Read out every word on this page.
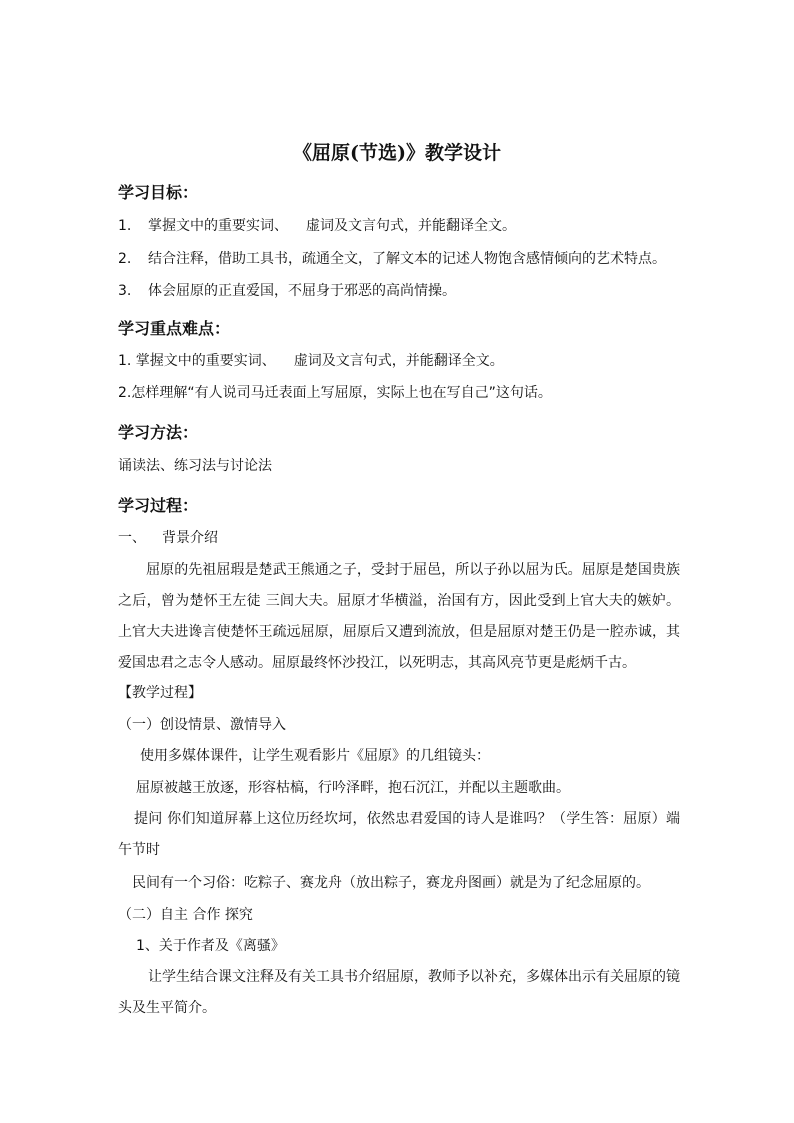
《屈原(节选)》教学设计
学习目标：
1. 掌握文中的重要实词、 虚词及文言句式，并能翻译全文。
2. 结合注释，借助工具书，疏通全文，了解文本的记述人物饱含感情倾向的艺术特点。
3. 体会屈原的正直爱国，不屈身于邪恶的高尚情操。
学习重点难点：
1. 掌握文中的重要实词、 虚词及文言句式，并能翻译全文。
2.怎样理解“有人说司马迁表面上写屈原，实际上也在写自己”这句话。
学习方法：
诵读法、练习法与讨论法
学习过程：
一、 背景介绍
　　屈原的先祖屈瑕是楚武王熊通之子，受封于屈邑，所以子孙以屈为氏。屈原是楚国贵族之后，曾为楚怀王左徒 三闾大夫。屈原才华横溢，治国有方，因此受到上官大夫的嫉妒。上官大夫进谗言使楚怀王疏远屈原，屈原后又遭到流放，但是屈原对楚王仍是一腔赤诚，其爱国忠君之志令人感动。屈原最终怀沙投江，以死明志，其高风亮节更是彪炳千古。
【教学过程】
（一）创设情景、激情导入
使用多媒体课件，让学生观看影片《屈原》的几组镜头：
屈原被越王放逐，形容枯槁，行吟泽畔，抱石沉江，并配以主题歌曲。
提问 你们知道屏幕上这位历经坎坷，依然忠君爱国的诗人是谁吗？（学生答：屈原）端午节时
民间有一个习俗：吃粽子、赛龙舟（放出粽子，赛龙舟图画）就是为了纪念屈原的。
（二）自主 合作 探究
1、关于作者及《离骚》
让学生结合课文注释及有关工具书介绍屈原，教师予以补充，多媒体出示有关屈原的镜头及生平简介。
